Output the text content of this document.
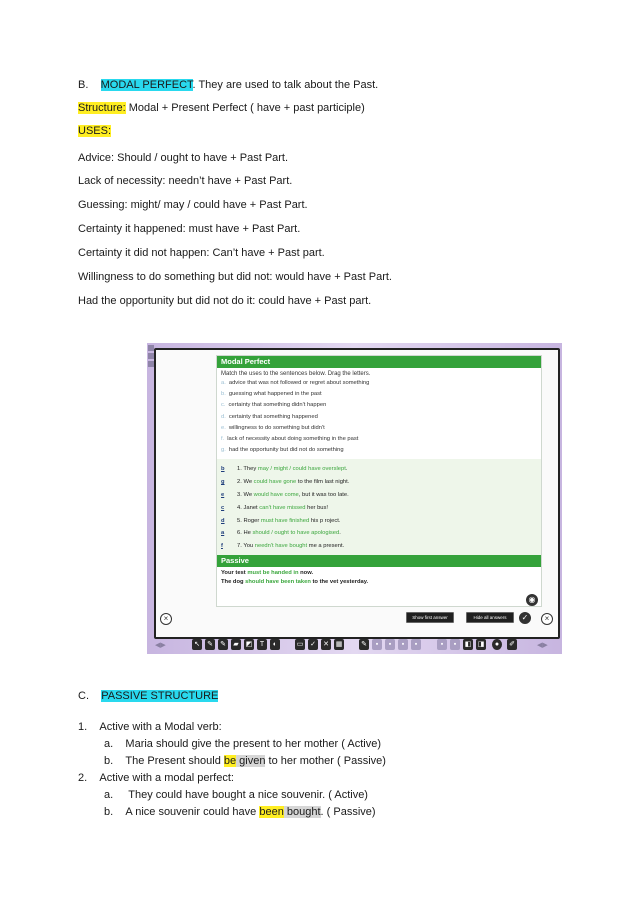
B. MODAL PERFECT. They are used to talk about the Past.
Structure: Modal + Present Perfect ( have + past participle)
USES:
Advice: Should / ought to have + Past Part.
Lack of necessity: needn’t have + Past Part.
Guessing: might/ may / could have + Past Part.
Certainty it happened: must have + Past Part.
Certainty it did not happen: Can’t have + Past part.
Willingness to do something but did not: would have + Past Part.
Had the opportunity but did not do it: could have + Past part.
Modal Perfect
Match the uses to the sentences below. Drag the letters.
a. advice that was not followed or regret about something
b. guessing what happened in the past
c. certainty that something didn't happen
d. certainty that something happened
e. willingness to do something but didn't
f. lack of necessity about doing something in the past
g. had the opportunity but did not do something
b 1. They may / might / could have overslept.
g 2. We could have gone to the film last night.
e 3. We would have come, but it was too late.
c 4. Janet can't have missed her bus!
d 5. Roger must have finished his p roject.
a 6. He should / ought to have apologised.
f 7. You needn't have bought me a present.
Passive
Your test must be handed in now.
The dog should have been taken to the vet yesterday.
◉
×	Show first answer	Hide all answers	✓	×
◀▶	↖ ✎ ✎	▰	◩	T	◐	▭ ✓ ✕ ▦	✎	▪	▪	▪	▪	▪	▪	◧ ◨	●	✐	◀▶
C. PASSIVE STRUCTURE
1. Active with a Modal verb:
a. Maria should give the present to her mother ( Active)
b. The Present should be given to her mother ( Passive)
2. Active with a modal perfect:
a.     They could have bought a nice souvenir. ( Active)
b. A nice souvenir could have been bought. ( Passive)
